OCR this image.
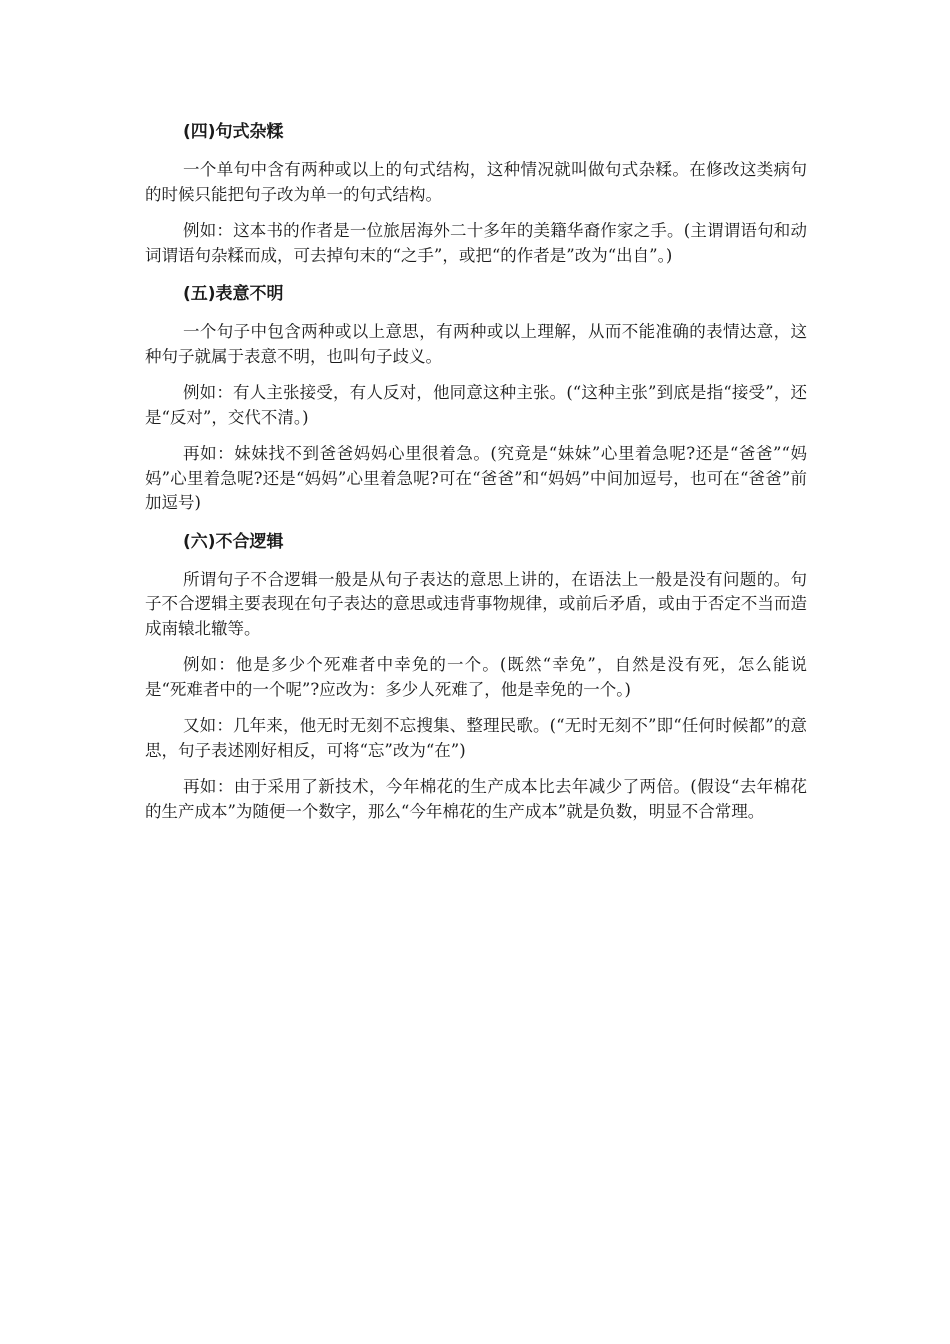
(四)句式杂糅

一个单句中含有两种或以上的句式结构，这种情况就叫做句式杂糅。在修改这类病句的时候只能把句子改为单一的句式结构。

例如：这本书的作者是一位旅居海外二十多年的美籍华裔作家之手。(主谓谓语句和动词谓语句杂糅而成，可去掉句末的“之手”，或把“的作者是”改为“出自”。)

(五)表意不明

一个句子中包含两种或以上意思，有两种或以上理解，从而不能准确的表情达意，这种句子就属于表意不明，也叫句子歧义。

例如：有人主张接受，有人反对，他同意这种主张。(“这种主张”到底是指“接受”，还是“反对”，交代不清。)

再如：妹妹找不到爸爸妈妈心里很着急。(究竟是“妹妹”心里着急呢?还是“爸爸”“妈妈”心里着急呢?还是“妈妈”心里着急呢?可在“爸爸”和“妈妈”中间加逗号，也可在“爸爸”前加逗号)

(六)不合逻辑

所谓句子不合逻辑一般是从句子表达的意思上讲的，在语法上一般是没有问题的。句子不合逻辑主要表现在句子表达的意思或违背事物规律，或前后矛盾，或由于否定不当而造成南辕北辙等。

例如：他是多少个死难者中幸免的一个。(既然“幸免”，自然是没有死，怎么能说是“死难者中的一个呢”?应改为：多少人死难了，他是幸免的一个。)

又如：几年来，他无时无刻不忘搜集、整理民歌。(“无时无刻不”即“任何时候都”的意思，句子表述刚好相反，可将“忘”改为“在”)

再如：由于采用了新技术，今年棉花的生产成本比去年减少了两倍。(假设“去年棉花的生产成本”为随便一个数字，那么“今年棉花的生产成本”就是负数，明显不合常理。
